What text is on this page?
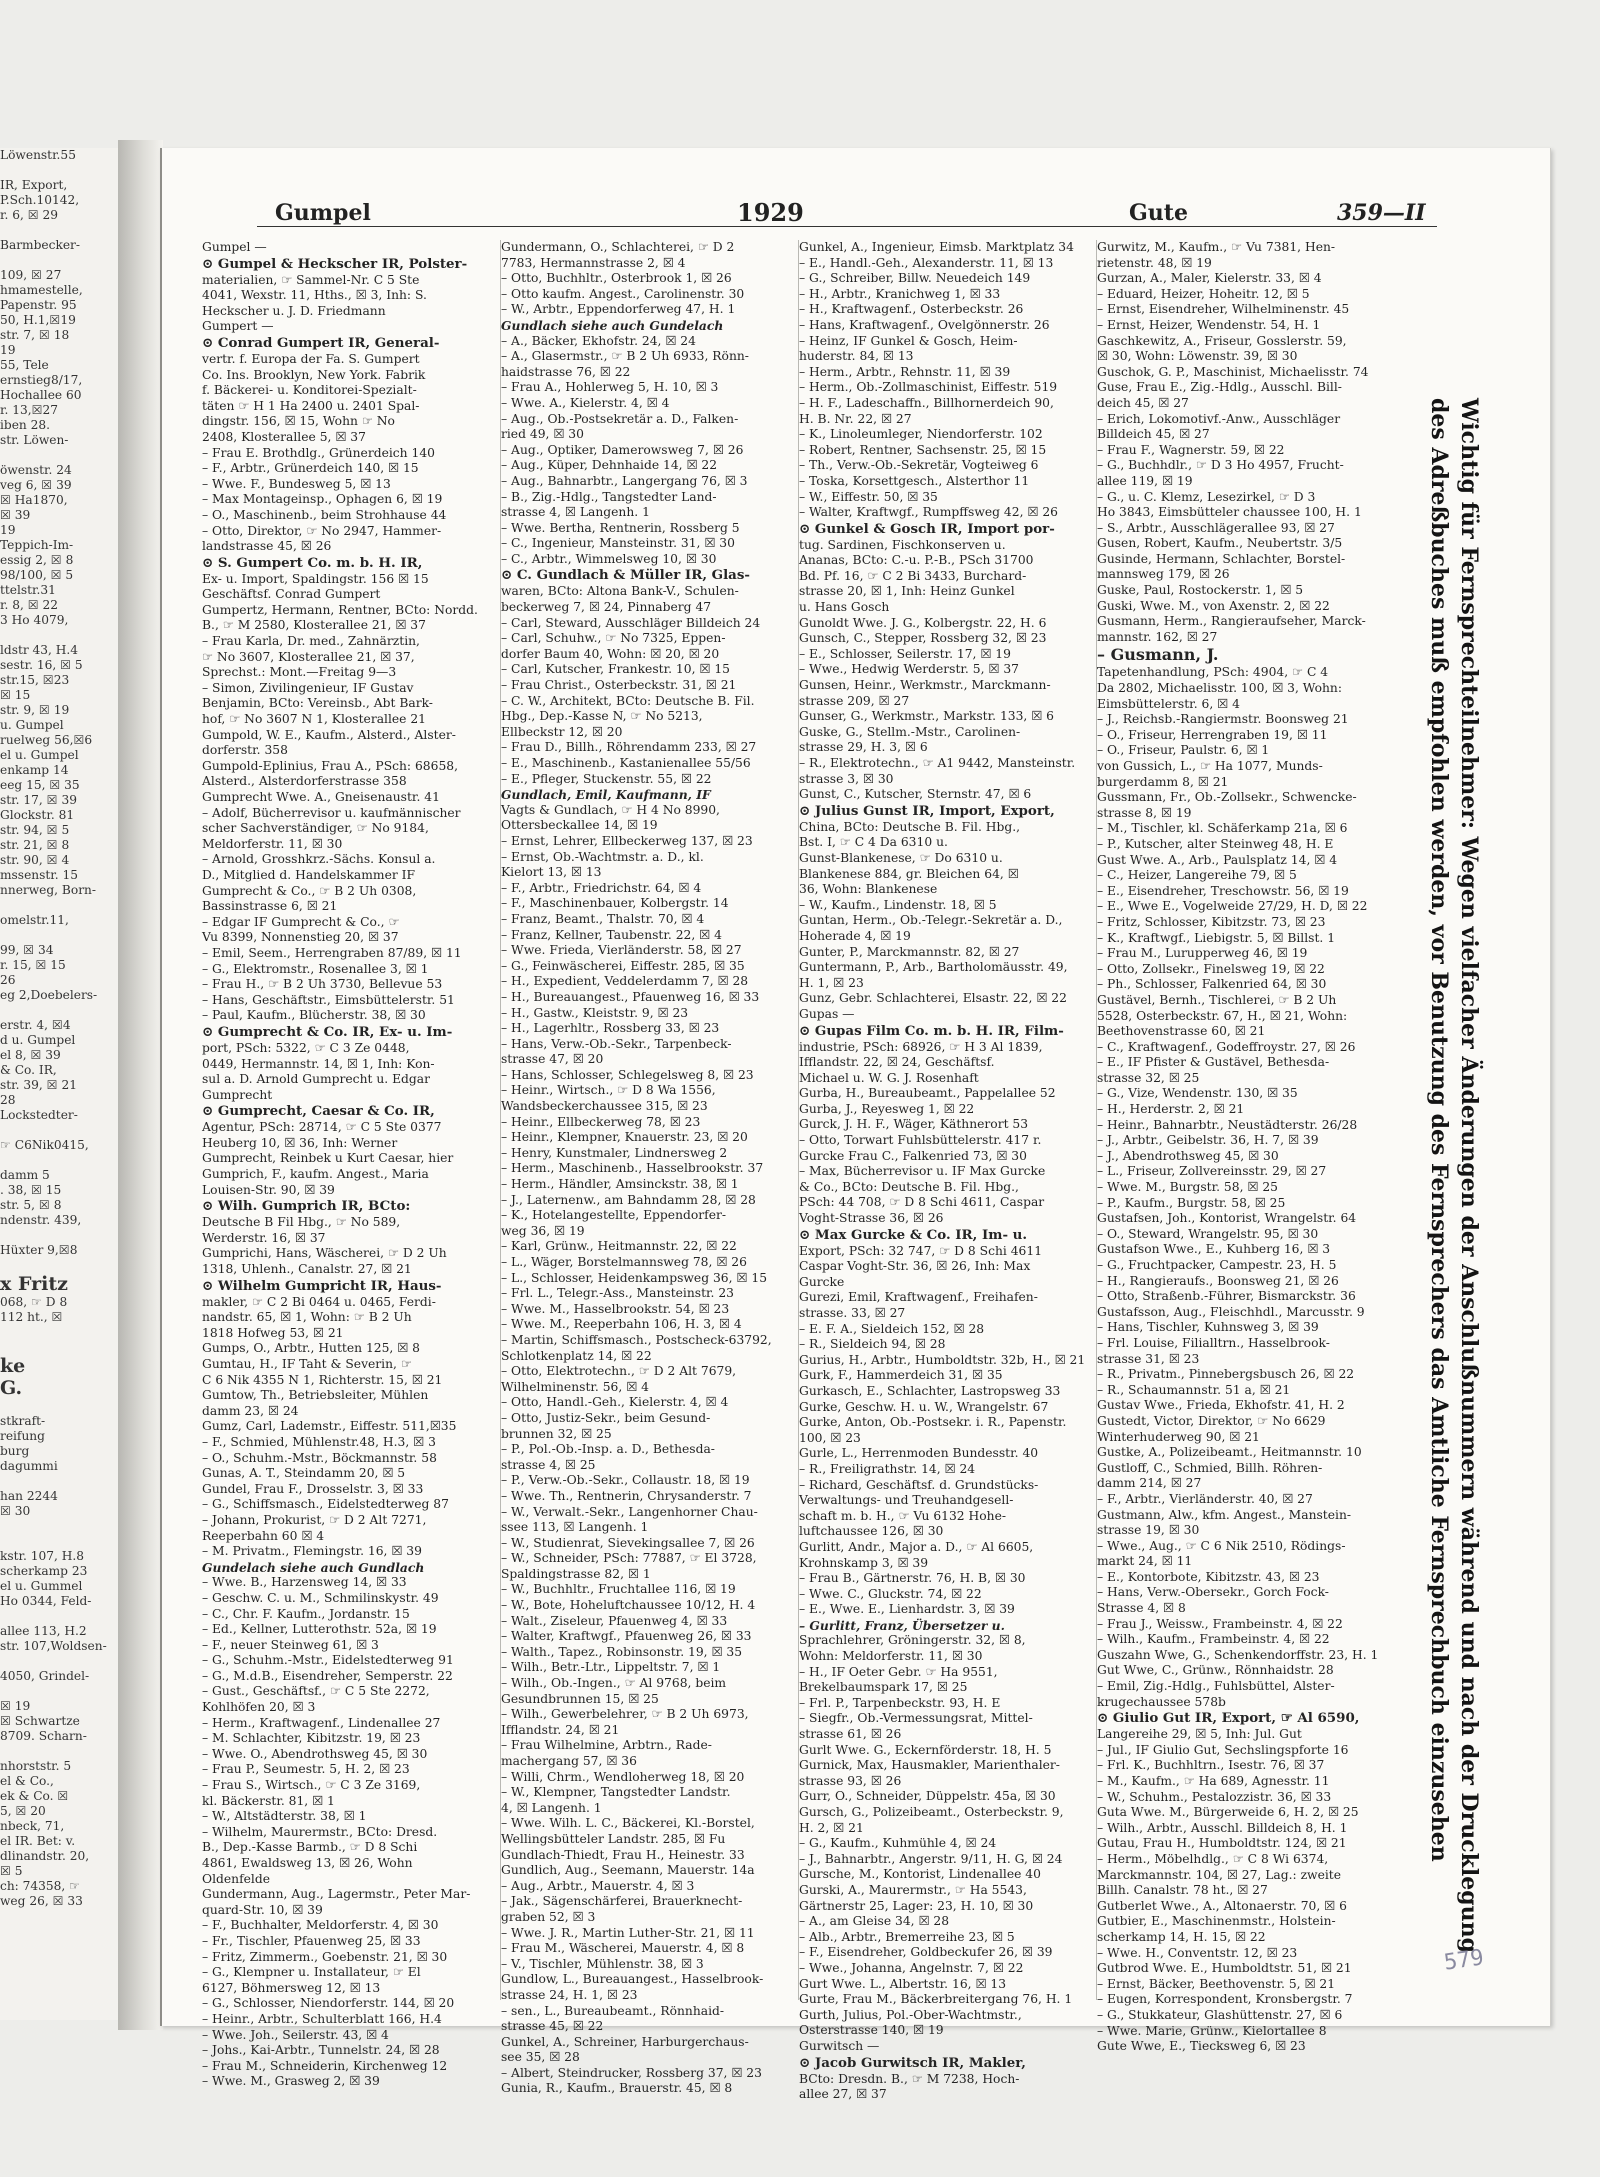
Löwenstr.55

IR, Export,
P.Sch.10142,
r. 6, ☒ 29

Barmbecker-

109, ☒ 27
hmamestelle,
Papenstr. 95
50, H.1,☒19
str. 7, ☒ 18
19
55, Tele
ernstieg8/17,
Hochallee 60
r. 13,☒27
iben 28.
str. Löwen-

öwenstr. 24
veg 6, ☒ 39
☒ Ha1870,
☒ 39
19
Teppich-Im-
essig 2, ☒ 8
98/100, ☒ 5
ttelstr.31
r. 8, ☒ 22
3 Ho 4079,

ldstr 43, H.4
sestr. 16, ☒ 5
str.15, ☒23
☒ 15
str. 9, ☒ 19
u. Gumpel
ruelweg 56,☒6
el u. Gumpel
enkamp 14
eeg 15, ☒ 35
str. 17, ☒ 39
Glockstr. 81
str. 94, ☒ 5
str. 21, ☒ 8
str. 90, ☒ 4
mssenstr. 15
nnerweg, Born-

omelstr.11,

99, ☒ 34
r. 15, ☒ 15
26
eg 2,Doebelers-

erstr. 4, ☒4
d u. Gumpel
el 8, ☒ 39
& Co. IR,
str. 39, ☒ 21
28
Lockstedter-

☞ C6Nik0415,

damm 5
. 38, ☒ 15
str. 5, ☒ 8
ndenstr. 439,

Hüxter 9,☒8

x Fritz
068, ☞ D 8
112 ht., ☒

ke
G.

stkraft-
reifung
burg
dagummi

han 2244
☒ 30

kstr. 107, H.8
scherkamp 23
el u. Gummel
Ho 0344, Feld-

allee 113, H.2
str. 107,Woldsen-

4050, Grindel-

☒ 19
☒ Schwartze
8709. Scharn-

nhorststr. 5
el & Co.,
ek & Co. ☒
5, ☒ 20
nbeck, 71,
el IR. Bet: v.
dlinandstr. 20,
☒ 5
ch: 74358, ☞
weg 26, ☒ 33
Gumpel	1929	Gute	359—II
Gumpel —
⊙ Gumpel & Heckscher IR, Polster-
materialien, ☞ Sammel-Nr. C 5 Ste
4041, Wexstr. 11, Hths., ☒ 3, Inh: S.
Heckscher u. J. D. Friedmann
Gumpert —
⊙ Conrad Gumpert IR, General-
vertr. f. Europa der Fa. S. Gumpert
Co. Ins. Brooklyn, New York. Fabrik
f. Bäckerei- u. Konditorei-Spezialt-
täten ☞ H 1 Ha 2400 u. 2401 Spal-
dingstr. 156, ☒ 15, Wohn ☞ No
2408, Klosterallee 5, ☒ 37
– Frau E. Brothdlg., Grünerdeich 140
– F., Arbtr., Grünerdeich 140, ☒ 15
– Wwe. F., Bundesweg 5, ☒ 13
– Max Montageinsp., Ophagen 6, ☒ 19
– O., Maschinenb., beim Strohhause 44
– Otto, Direktor, ☞ No 2947, Hammer-
landstrasse 45, ☒ 26
⊙ S. Gumpert Co. m. b. H. IR,
Ex- u. Import, Spaldingstr. 156 ☒ 15
Geschäftsf. Conrad Gumpert
Gumpertz, Hermann, Rentner, BCto: Nordd.
B., ☞ M 2580, Klosterallee 21, ☒ 37
– Frau Karla, Dr. med., Zahnärztin,
☞ No 3607, Klosterallee 21, ☒ 37,
Sprechst.: Mont.—Freitag 9—3
– Simon, Zivilingenieur, IF Gustav
Benjamin, BCto: Vereinsb., Abt Bark-
hof, ☞ No 3607 N 1, Klosterallee 21
Gumpold, W. E., Kaufm., Alsterd., Alster-
dorferstr. 358
Gumpold-Eplinius, Frau A., PSch: 68658,
Alsterd., Alsterdorferstrasse 358
Gumprecht Wwe. A., Gneisenaustr. 41
– Adolf, Bücherrevisor u. kaufmännischer
scher Sachverständiger, ☞ No 9184,
Meldorferstr. 11, ☒ 30
– Arnold, Grosshkrz.-Sächs. Konsul a.
D., Mitglied d. Handelskammer IF
Gumprecht & Co., ☞ B 2 Uh 0308,
Bassinstrasse 6, ☒ 21
– Edgar IF Gumprecht & Co., ☞
Vu 8399, Nonnenstieg 20, ☒ 37
– Emil, Seem., Herrengraben 87/89, ☒ 11
– G., Elektromstr., Rosenallee 3, ☒ 1
– Frau H., ☞ B 2 Uh 3730, Bellevue 53
– Hans, Geschäftstr., Eimsbüttelerstr. 51
– Paul, Kaufm., Blücherstr. 38, ☒ 30
⊙ Gumprecht & Co. IR, Ex- u. Im-
port, PSch: 5322, ☞ C 3 Ze 0448,
0449, Hermannstr. 14, ☒ 1, Inh: Kon-
sul a. D. Arnold Gumprecht u. Edgar
Gumprecht
⊙ Gumprecht, Caesar & Co. IR,
Agentur, PSch: 28714, ☞ C 5 Ste 0377
Heuberg 10, ☒ 36, Inh: Werner
Gumprecht, Reinbek u Kurt Caesar, hier
Gumprich, F., kaufm. Angest., Maria
Louisen-Str. 90, ☒ 39
⊙ Wilh. Gumprich IR, BCto:
Deutsche B Fil Hbg., ☞ No 589,
Werderstr. 16, ☒ 37
Gumprichi, Hans, Wäscherei, ☞ D 2 Uh
1318, Uhlenh., Canalstr. 27, ☒ 21
⊙ Wilhelm Gumpricht IR, Haus-
makler, ☞ C 2 Bi 0464 u. 0465, Ferdi-
nandstr. 65, ☒ 1, Wohn: ☞ B 2 Uh
1818 Hofweg 53, ☒ 21
Gumps, O., Arbtr., Hutten 125, ☒ 8
Gumtau, H., IF Taht & Severin, ☞
C 6 Nik 4355 N 1, Richterstr. 15, ☒ 21
Gumtow, Th., Betriebsleiter, Mühlen
damm 23, ☒ 24
Gumz, Carl, Lademstr., Eiffestr. 511,☒35
– F., Schmied, Mühlenstr.48, H.3, ☒ 3
– O., Schuhm.-Mstr., Böckmannstr. 58
Gunas, A. T., Steindamm 20, ☒ 5
Gundel, Frau F., Drosselstr. 3, ☒ 33
– G., Schiffsmasch., Eidelstedterweg 87
– Johann, Prokurist, ☞ D 2 Alt 7271,
Reeperbahn 60 ☒ 4
– M. Privatm., Flemingstr. 16, ☒ 39
Gundelach siehe auch Gundlach
– Wwe. B., Harzensweg 14, ☒ 33
– Geschw. C. u. M., Schmilinskystr. 49
– C., Chr. F. Kaufm., Jordanstr. 15
– Ed., Kellner, Lutterothstr. 52a, ☒ 19
– F., neuer Steinweg 61, ☒ 3
– G., Schuhm.-Mstr., Eidelstedterweg 91
– G., M.d.B., Eisendreher, Semperstr. 22
– Gust., Geschäftsf., ☞ C 5 Ste 2272,
Kohlhöfen 20, ☒ 3
– Herm., Kraftwagenf., Lindenallee 27
– M. Schlachter, Kibitzstr. 19, ☒ 23
– Wwe. O., Abendrothsweg 45, ☒ 30
– Frau P., Seumestr. 5, H. 2, ☒ 23
– Frau S., Wirtsch., ☞ C 3 Ze 3169,
kl. Bäckerstr. 81, ☒ 1
– W., Altstädterstr. 38, ☒ 1
– Wilhelm, Maurermstr., BCto: Dresd.
B., Dep.-Kasse Barmb., ☞ D 8 Schi
4861, Ewaldsweg 13, ☒ 26, Wohn
Oldenfelde
Gundermann, Aug., Lagermstr., Peter Mar-
quard-Str. 10, ☒ 39
– F., Buchhalter, Meldorferstr. 4, ☒ 30
– Fr., Tischler, Pfauenweg 25, ☒ 33
– Fritz, Zimmerm., Goebenstr. 21, ☒ 30
– G., Klempner u. Installateur, ☞ El
6127, Böhmersweg 12, ☒ 13
– G., Schlosser, Niendorferstr. 144, ☒ 20
– Heinr., Arbtr., Schulterblatt 166, H.4
– Wwe. Joh., Seilerstr. 43, ☒ 4
– Johs., Kai-Arbtr., Tunnelstr. 24, ☒ 28
– Frau M., Schneiderin, Kirchenweg 12
– Wwe. M., Grasweg 2, ☒ 39
Gundermann, O., Schlachterei, ☞ D 2
7783, Hermannstrasse 2, ☒ 4
– Otto, Buchhltr., Osterbrook 1, ☒ 26
– Otto kaufm. Angest., Carolinenstr. 30
– W., Arbtr., Eppendorferweg 47, H. 1
Gundlach siehe auch Gundelach
– A., Bäcker, Ekhofstr. 24, ☒ 24
– A., Glasermstr., ☞ B 2 Uh 6933, Rönn-
haidstrasse 76, ☒ 22
– Frau A., Hohlerweg 5, H. 10, ☒ 3
– Wwe. A., Kielerstr. 4, ☒ 4
– Aug., Ob.-Postsekretär a. D., Falken-
ried 49, ☒ 30
– Aug., Optiker, Damerowsweg 7, ☒ 26
– Aug., Küper, Dehnhaide 14, ☒ 22
– Aug., Bahnarbtr., Langergang 76, ☒ 3
– B., Zig.-Hdlg., Tangstedter Land-
strasse 4, ☒ Langenh. 1
– Wwe. Bertha, Rentnerin, Rossberg 5
– C., Ingenieur, Mansteinstr. 31, ☒ 30
– C., Arbtr., Wimmelsweg 10, ☒ 30
⊙ C. Gundlach & Müller IR, Glas-
waren, BCto: Altona Bank-V., Schulen-
beckerweg 7, ☒ 24, Pinnaberg 47
– Carl, Steward, Ausschläger Billdeich 24
– Carl, Schuhw., ☞ No 7325, Eppen-
dorfer Baum 40, Wohn: ☒ 20, ☒ 20
– Carl, Kutscher, Frankestr. 10, ☒ 15
– Frau Christ., Osterbeckstr. 31, ☒ 21
– C. W., Architekt, BCto: Deutsche B. Fil.
Hbg., Dep.-Kasse N, ☞ No 5213,
Ellbeckstr 12, ☒ 20
– Frau D., Billh., Röhrendamm 233, ☒ 27
– E., Maschinenb., Kastanienallee 55/56
– E., Pfleger, Stuckenstr. 55, ☒ 22
Gundlach, Emil, Kaufmann, IF
Vagts & Gundlach, ☞ H 4 No 8990,
Ottersbeckallee 14, ☒ 19
– Ernst, Lehrer, Ellbeckerweg 137, ☒ 23
– Ernst, Ob.-Wachtmstr. a. D., kl.
Kielort 13, ☒ 13
– F., Arbtr., Friedrichstr. 64, ☒ 4
– F., Maschinenbauer, Kolbergstr. 14
– Franz, Beamt., Thalstr. 70, ☒ 4
– Franz, Kellner, Taubenstr. 22, ☒ 4
– Wwe. Frieda, Vierländerstr. 58, ☒ 27
– G., Feinwäscherei, Eiffestr. 285, ☒ 35
– H., Expedient, Veddelerdamm 7, ☒ 28
– H., Bureauangest., Pfauenweg 16, ☒ 33
– H., Gastw., Kleiststr. 9, ☒ 23
– H., Lagerhltr., Rossberg 33, ☒ 23
– Hans, Verw.-Ob.-Sekr., Tarpenbeck-
strasse 47, ☒ 20
– Hans, Schlosser, Schlegelsweg 8, ☒ 23
– Heinr., Wirtsch., ☞ D 8 Wa 1556,
Wandsbeckerchaussee 315, ☒ 23
– Heinr., Ellbeckerweg 78, ☒ 23
– Heinr., Klempner, Knauerstr. 23, ☒ 20
– Henry, Kunstmaler, Lindnersweg 2
– Herm., Maschinenb., Hasselbrookstr. 37
– Herm., Händler, Amsinckstr. 38, ☒ 1
– J., Laternenw., am Bahndamm 28, ☒ 28
– K., Hotelangestellte, Eppendorfer-
weg 36, ☒ 19
– Karl, Grünw., Heitmannstr. 22, ☒ 22
– L., Wäger, Borstelmannsweg 78, ☒ 26
– L., Schlosser, Heidenkampsweg 36, ☒ 15
– Frl. L., Telegr.-Ass., Mansteinstr. 23
– Wwe. M., Hasselbrookstr. 54, ☒ 23
– Wwe. M., Reeperbahn 106, H. 3, ☒ 4
– Martin, Schiffsmasch., Postscheck-63792,
Schlotkenplatz 14, ☒ 22
– Otto, Elektrotechn., ☞ D 2 Alt 7679,
Wilhelminenstr. 56, ☒ 4
– Otto, Handl.-Geh., Kielerstr. 4, ☒ 4
– Otto, Justiz-Sekr., beim Gesund-
brunnen 32, ☒ 25
– P., Pol.-Ob.-Insp. a. D., Bethesda-
strasse 4, ☒ 25
– P., Verw.-Ob.-Sekr., Collaustr. 18, ☒ 19
– Wwe. Th., Rentnerin, Chrysanderstr. 7
– W., Verwalt.-Sekr., Langenhorner Chau-
ssee 113, ☒ Langenh. 1
– W., Studienrat, Sievekingsallee 7, ☒ 26
– W., Schneider, PSch: 77887, ☞ El 3728,
Spaldingstrasse 82, ☒ 1
– W., Buchhltr., Fruchtallee 116, ☒ 19
– W., Bote, Hoheluftchaussee 10/12, H. 4
– Walt., Ziseleur, Pfauenweg 4, ☒ 33
– Walter, Kraftwgf., Pfauenweg 26, ☒ 33
– Walth., Tapez., Robinsonstr. 19, ☒ 35
– Wilh., Betr.-Ltr., Lippeltstr. 7, ☒ 1
– Wilh., Ob.-Ingen., ☞ Al 9768, beim
Gesundbrunnen 15, ☒ 25
– Wilh., Gewerbelehrer, ☞ B 2 Uh 6973,
Ifflandstr. 24, ☒ 21
– Frau Wilhelmine, Arbtrn., Rade-
machergang 57, ☒ 36
– Willi, Chrm., Wendloherweg 18, ☒ 20
– W., Klempner, Tangstedter Landstr.
4, ☒ Langenh. 1
– Wwe. Wilh. L. C., Bäckerei, Kl.-Borstel,
Wellingsbütteler Landstr. 285, ☒ Fu
Gundlach-Thiedt, Frau H., Heinestr. 33
Gundlich, Aug., Seemann, Mauerstr. 14a
– Aug., Arbtr., Mauerstr. 4, ☒ 3
– Jak., Sägenschärferei, Brauerknecht-
graben 52, ☒ 3
– Wwe. J. R., Martin Luther-Str. 21, ☒ 11
– Frau M., Wäscherei, Mauerstr. 4, ☒ 8
– V., Tischler, Mühlenstr. 38, ☒ 3
Gundlow, L., Bureauangest., Hasselbrook-
strasse 24, H. 1, ☒ 23
– sen., L., Bureaubeamt., Rönnhaid-
strasse 45, ☒ 22
Gunkel, A., Schreiner, Harburgerchaus-
see 35, ☒ 28
– Albert, Steindrucker, Rossberg 37, ☒ 23
Gunia, R., Kaufm., Brauerstr. 45, ☒ 8
Gunkel, A., Ingenieur, Eimsb. Marktplatz 34
– E., Handl.-Geh., Alexanderstr. 11, ☒ 13
– G., Schreiber, Billw. Neuedeich 149
– H., Arbtr., Kranichweg 1, ☒ 33
– H., Kraftwagenf., Osterbeckstr. 26
– Hans, Kraftwagenf., Ovelgönnerstr. 26
– Heinz, IF Gunkel & Gosch, Heim-
huderstr. 84, ☒ 13
– Herm., Arbtr., Rehnstr. 11, ☒ 39
– Herm., Ob.-Zollmaschinist, Eiffestr. 519
– H. F., Ladeschaffn., Billhornerdeich 90,
H. B. Nr. 22, ☒ 27
– K., Linoleumleger, Niendorferstr. 102
– Robert, Rentner, Sachsenstr. 25, ☒ 15
– Th., Verw.-Ob.-Sekretär, Vogteiweg 6
– Toska, Korsettgesch., Alsterthor 11
– W., Eiffestr. 50, ☒ 35
– Walter, Kraftwgf., Rumpffsweg 42, ☒ 26
⊙ Gunkel & Gosch IR, Import por-
tug. Sardinen, Fischkonserven u.
Ananas, BCto: C.-u. P.-B., PSch 31700
Bd. Pf. 16, ☞ C 2 Bi 3433, Burchard-
strasse 20, ☒ 1, Inh: Heinz Gunkel
u. Hans Gosch
Gunoldt Wwe. J. G., Kolbergstr. 22, H. 6
Gunsch, C., Stepper, Rossberg 32, ☒ 23
– E., Schlosser, Seilerstr. 17, ☒ 19
– Wwe., Hedwig Werderstr. 5, ☒ 37
Gunsen, Heinr., Werkmstr., Marckmann-
strasse 209, ☒ 27
Gunser, G., Werkmstr., Markstr. 133, ☒ 6
Guske, G., Stellm.-Mstr., Carolinen-
strasse 29, H. 3, ☒ 6
– R., Elektrotechn., ☞ A1 9442, Mansteinstr.
strasse 3, ☒ 30
Gunst, C., Kutscher, Sternstr. 47, ☒ 6
⊙ Julius Gunst IR, Import, Export,
China, BCto: Deutsche B. Fil. Hbg.,
Bst. I, ☞ C 4 Da 6310 u.
Gunst-Blankenese, ☞ Do 6310 u.
Blankenese 884, gr. Bleichen 64, ☒
36, Wohn: Blankenese
– W., Kaufm., Lindenstr. 18, ☒ 5
Guntan, Herm., Ob.-Telegr.-Sekretär a. D.,
Hoherade 4, ☒ 19
Gunter, P., Marckmannstr. 82, ☒ 27
Guntermann, P., Arb., Bartholomäusstr. 49,
H. 1, ☒ 23
Gunz, Gebr. Schlachterei, Elsastr. 22, ☒ 22
Gupas —
⊙ Gupas Film Co. m. b. H. IR, Film-
industrie, PSch: 68926, ☞ H 3 Al 1839,
Ifflandstr. 22, ☒ 24, Geschäftsf.
Michael u. W. G. J. Rosenhaft
Gurba, H., Bureaubeamt., Pappelallee 52
Gurba, J., Reyesweg 1, ☒ 22
Gurck, J. H. F., Wäger, Käthnerort 53
– Otto, Torwart Fuhlsbüttelerstr. 417 r.
Gurcke Frau C., Falkenried 73, ☒ 30
– Max, Bücherrevisor u. IF Max Gurcke
& Co., BCto: Deutsche B. Fil. Hbg.,
PSch: 44 708, ☞ D 8 Schi 4611, Caspar
Voght-Strasse 36, ☒ 26
⊙ Max Gurcke & Co. IR, Im- u.
Export, PSch: 32 747, ☞ D 8 Schi 4611
Caspar Voght-Str. 36, ☒ 26, Inh: Max
Gurcke
Gurezi, Emil, Kraftwagenf., Freihafen-
strasse. 33, ☒ 27
– E. F. A., Sieldeich 152, ☒ 28
– R., Sieldeich 94, ☒ 28
Gurius, H., Arbtr., Humboldtstr. 32b, H., ☒ 21
Gurk, F., Hammerdeich 31, ☒ 35
Gurkasch, E., Schlachter, Lastropsweg 33
Gurke, Geschw. H. u. W., Wrangelstr. 67
Gurke, Anton, Ob.-Postsekr. i. R., Papenstr.
100, ☒ 23
Gurle, L., Herrenmoden Bundesstr. 40
– R., Freiligrathstr. 14, ☒ 24
– Richard, Geschäftsf. d. Grundstücks-
Verwaltungs- und Treuhandgesell-
schaft m. b. H., ☞ Vu 6132 Hohe-
luftchaussee 126, ☒ 30
Gurlitt, Andr., Major a. D., ☞ Al 6605,
Krohnskamp 3, ☒ 39
– Frau B., Gärtnerstr. 76, H. B, ☒ 30
– Wwe. C., Gluckstr. 74, ☒ 22
– E., Wwe. E., Lienhardstr. 3, ☒ 39
– Gurlitt, Franz, Übersetzer u.
Sprachlehrer, Gröningerstr. 32, ☒ 8,
Wohn: Meldorferstr. 11, ☒ 30
– H., IF Oeter Gebr. ☞ Ha 9551,
Brekelbaumspark 17, ☒ 25
– Frl. P., Tarpenbeckstr. 93, H. E
– Siegfr., Ob.-Vermessungsrat, Mittel-
strasse 61, ☒ 26
Gurlt Wwe. G., Eckernförderstr. 18, H. 5
Gurnick, Max, Hausmakler, Marienthaler-
strasse 93, ☒ 26
Gurr, O., Schneider, Düppelstr. 45a, ☒ 30
Gursch, G., Polizeibeamt., Osterbeckstr. 9,
H. 2, ☒ 21
– G., Kaufm., Kuhmühle 4, ☒ 24
– J., Bahnarbtr., Angerstr. 9/11, H. G, ☒ 24
Gursche, M., Kontorist, Lindenallee 40
Gurski, A., Maurermstr., ☞ Ha 5543,
Gärtnerstr 25, Lager: 23, H. 10, ☒ 30
– A., am Gleise 34, ☒ 28
– Alb., Arbtr., Bremerreihe 23, ☒ 5
– F., Eisendreher, Goldbeckufer 26, ☒ 39
– Wwe., Johanna, Angelnstr. 7, ☒ 22
Gurt Wwe. L., Albertstr. 16, ☒ 13
Gurte, Frau M., Bäckerbreitergang 76, H. 1
Gurth, Julius, Pol.-Ober-Wachtmstr.,
Osterstrasse 140, ☒ 19
Gurwitsch —
⊙ Jacob Gurwitsch IR, Makler,
BCto: Dresdn. B., ☞ M 7238, Hoch-
allee 27, ☒ 37
Gurwitz, M., Kaufm., ☞ Vu 7381, Hen-
rietenstr. 48, ☒ 19
Gurzan, A., Maler, Kielerstr. 33, ☒ 4
– Eduard, Heizer, Hoheitr. 12, ☒ 5
– Ernst, Eisendreher, Wilhelminenstr. 45
– Ernst, Heizer, Wendenstr. 54, H. 1
Gaschkewitz, A., Friseur, Gosslerstr. 59,
☒ 30, Wohn: Löwenstr. 39, ☒ 30
Guschok, G. P., Maschinist, Michaelisstr. 74
Guse, Frau E., Zig.-Hdlg., Ausschl. Bill-
deich 45, ☒ 27
– Erich, Lokomotivf.-Anw., Ausschläger
Billdeich 45, ☒ 27
– Frau F., Wagnerstr. 59, ☒ 22
– G., Buchhdlr., ☞ D 3 Ho 4957, Frucht-
allee 119, ☒ 19
– G., u. C. Klemz, Lesezirkel, ☞ D 3
Ho 3843, Eimsbütteler chaussee 100, H. 1
– S., Arbtr., Ausschlägerallee 93, ☒ 27
Gusen, Robert, Kaufm., Neubertstr. 3/5
Gusinde, Hermann, Schlachter, Borstel-
mannsweg 179, ☒ 26
Guske, Paul, Rostockerstr. 1, ☒ 5
Guski, Wwe. M., von Axenstr. 2, ☒ 22
Gusmann, Herm., Rangieraufseher, Marck-
mannstr. 162, ☒ 27
– Gusmann, J.
Tapetenhandlung, PSch: 4904, ☞ C 4
Da 2802, Michaelisstr. 100, ☒ 3, Wohn:
Eimsbüttelerstr. 6, ☒ 4
– J., Reichsb.-Rangiermstr. Boonsweg 21
– O., Friseur, Herrengraben 19, ☒ 11
– O., Friseur, Paulstr. 6, ☒ 1
von Gussich, L., ☞ Ha 1077, Munds-
burgerdamm 8, ☒ 21
Gussmann, Fr., Ob.-Zollsekr., Schwencke-
strasse 8, ☒ 19
– M., Tischler, kl. Schäferkamp 21a, ☒ 6
– P., Kutscher, alter Steinweg 48, H. E
Gust Wwe. A., Arb., Paulsplatz 14, ☒ 4
– C., Heizer, Langereihe 79, ☒ 5
– E., Eisendreher, Treschowstr. 56, ☒ 19
– E., Wwe E., Vogelweide 27/29, H. D, ☒ 22
– Fritz, Schlosser, Kibitzstr. 73, ☒ 23
– K., Kraftwgf., Liebigstr. 5, ☒ Billst. 1
– Frau M., Lurupperweg 46, ☒ 19
– Otto, Zollsekr., Finelsweg 19, ☒ 22
– Ph., Schlosser, Falkenried 64, ☒ 30
Gustävel, Bernh., Tischlerei, ☞ B 2 Uh
5528, Osterbeckstr. 67, H., ☒ 21, Wohn:
Beethovenstrasse 60, ☒ 21
– C., Kraftwagenf., Godeffroystr. 27, ☒ 26
– E., IF Pfister & Gustävel, Bethesda-
strasse 32, ☒ 25
– G., Vize, Wendenstr. 130, ☒ 35
– H., Herderstr. 2, ☒ 21
– Heinr., Bahnarbtr., Neustädterstr. 26/28
– J., Arbtr., Geibelstr. 36, H. 7, ☒ 39
– J., Abendrothsweg 45, ☒ 30
– L., Friseur, Zollvereinsstr. 29, ☒ 27
– Wwe. M., Burgstr. 58, ☒ 25
– P., Kaufm., Burgstr. 58, ☒ 25
Gustafsen, Joh., Kontorist, Wrangelstr. 64
– O., Steward, Wrangelstr. 95, ☒ 30
Gustafson Wwe., E., Kuhberg 16, ☒ 3
– G., Fruchtpacker, Campestr. 23, H. 5
– H., Rangieraufs., Boonsweg 21, ☒ 26
– Otto, Straßenb.-Führer, Bismarckstr. 36
Gustafsson, Aug., Fleischhdl., Marcusstr. 9
– Hans, Tischler, Kuhnsweg 3, ☒ 39
– Frl. Louise, Filialltrn., Hasselbrook-
strasse 31, ☒ 23
– R., Privatm., Pinnebergsbusch 26, ☒ 22
– R., Schaumannstr. 51 a, ☒ 21
Gustav Wwe., Frieda, Ekhofstr. 41, H. 2
Gustedt, Victor, Direktor, ☞ No 6629
Winterhuderweg 90, ☒ 21
Gustke, A., Polizeibeamt., Heitmannstr. 10
Gustloff, C., Schmied, Billh. Röhren-
damm 214, ☒ 27
– F., Arbtr., Vierländerstr. 40, ☒ 27
Gustmann, Alw., kfm. Angest., Manstein-
strasse 19, ☒ 30
– Wwe., Aug., ☞ C 6 Nik 2510, Rödings-
markt 24, ☒ 11
– E., Kontorbote, Kibitzstr. 43, ☒ 23
– Hans, Verw.-Obersekr., Gorch Fock-
Strasse 4, ☒ 8
– Frau J., Weissw., Frambeinstr. 4, ☒ 22
– Wilh., Kaufm., Frambeinstr. 4, ☒ 22
Guszahn Wwe, G., Schenkendorffstr. 23, H. 1
Gut Wwe, C., Grünw., Rönnhaidstr. 28
– Emil, Zig.-Hdlg., Fuhlsbüttel, Alster-
krugechaussee 578b
⊙ Giulio Gut IR, Export, ☞ Al 6590,
Langereihe 29, ☒ 5, Inh: Jul. Gut
– Jul., IF Giulio Gut, Sechslingspforte 16
– Frl. K., Buchhltrn., Isestr. 76, ☒ 37
– M., Kaufm., ☞ Ha 689, Agnesstr. 11
– W., Schuhm., Pestalozzistr. 36, ☒ 33
Guta Wwe. M., Bürgerweide 6, H. 2, ☒ 25
– Wilh., Arbtr., Ausschl. Billdeich 8, H. 1
Gutau, Frau H., Humboldtstr. 124, ☒ 21
– Herm., Möbelhdlg., ☞ C 8 Wi 6374,
Marckmannstr. 104, ☒ 27, Lag.: zweite
Billh. Canalstr. 78 ht., ☒ 27
Gutberlet Wwe., A., Altonaerstr. 70, ☒ 6
Gutbier, E., Maschinenmstr., Holstein-
scherkamp 14, H. 15, ☒ 22
– Wwe. H., Conventstr. 12, ☒ 23
Gutbrod Wwe. E., Humboldtstr. 51, ☒ 21
– Ernst, Bäcker, Beethovenstr. 5, ☒ 21
– Eugen, Korrespondent, Kronsbergstr. 7
– G., Stukkateur, Glashüttenstr. 27, ☒ 6
– Wwe. Marie, Grünw., Kielortallee 8
Gute Wwe, E., Tiecksweg 6, ☒ 23
Wichtig für Fernsprechteilnehmer: Wegen vielfacher Änderungen der Anschlußnummern während und nach der Drucklegung
des Adreßbuches muß empfohlen werden, vor Benutzung des Fernsprechers das Amtliche Fernsprechbuch einzusehen
579
